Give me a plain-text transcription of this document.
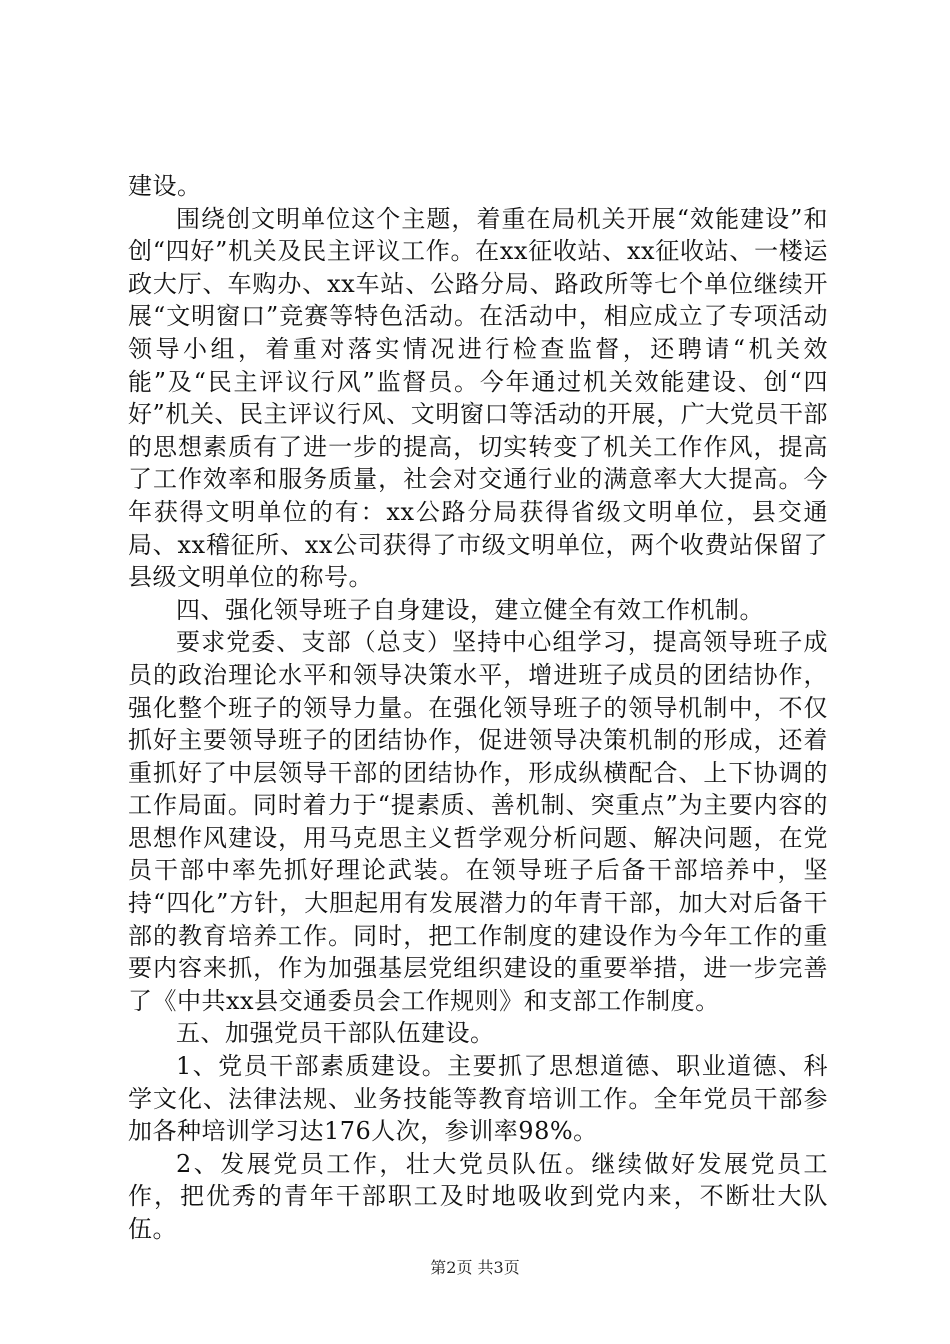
建设。

围绕创文明单位这个主题，着重在局机关开展“效能建设”和创“四好”机关及民主评议工作。在xx征收站、xx征收站、一楼运政大厅、车购办、xx车站、公路分局、路政所等七个单位继续开展“文明窗口”竞赛等特色活动。在活动中，相应成立了专项活动领导小组，着重对落实情况进行检查监督，还聘请“机关效能”及“民主评议行风”监督员。今年通过机关效能建设、创“四好”机关、民主评议行风、文明窗口等活动的开展，广大党员干部的思想素质有了进一步的提高，切实转变了机关工作作风，提高了工作效率和服务质量，社会对交通行业的满意率大大提高。今年获得文明单位的有：xx公路分局获得省级文明单位，县交通局、xx稽征所、xx公司获得了市级文明单位，两个收费站保留了县级文明单位的称号。

四、强化领导班子自身建设，建立健全有效工作机制。

要求党委、支部（总支）坚持中心组学习，提高领导班子成员的政治理论水平和领导决策水平，增进班子成员的团结协作，强化整个班子的领导力量。在强化领导班子的领导机制中，不仅抓好主要领导班子的团结协作，促进领导决策机制的形成，还着重抓好了中层领导干部的团结协作，形成纵横配合、上下协调的工作局面。同时着力于“提素质、善机制、突重点”为主要内容的思想作风建设，用马克思主义哲学观分析问题、解决问题，在党员干部中率先抓好理论武装。在领导班子后备干部培养中，坚持“四化”方针，大胆起用有发展潜力的年青干部，加大对后备干部的教育培养工作。同时，把工作制度的建设作为今年工作的重要内容来抓，作为加强基层党组织建设的重要举措，进一步完善了《中共xx县交通委员会工作规则》和支部工作制度。

五、加强党员干部队伍建设。

1、党员干部素质建设。主要抓了思想道德、职业道德、科学文化、法律法规、业务技能等教育培训工作。全年党员干部参加各种培训学习达176人次，参训率98%。

2、发展党员工作，壮大党员队伍。继续做好发展党员工作，把优秀的青年干部职工及时地吸收到党内来，不断壮大队伍。

第2页 共3页
